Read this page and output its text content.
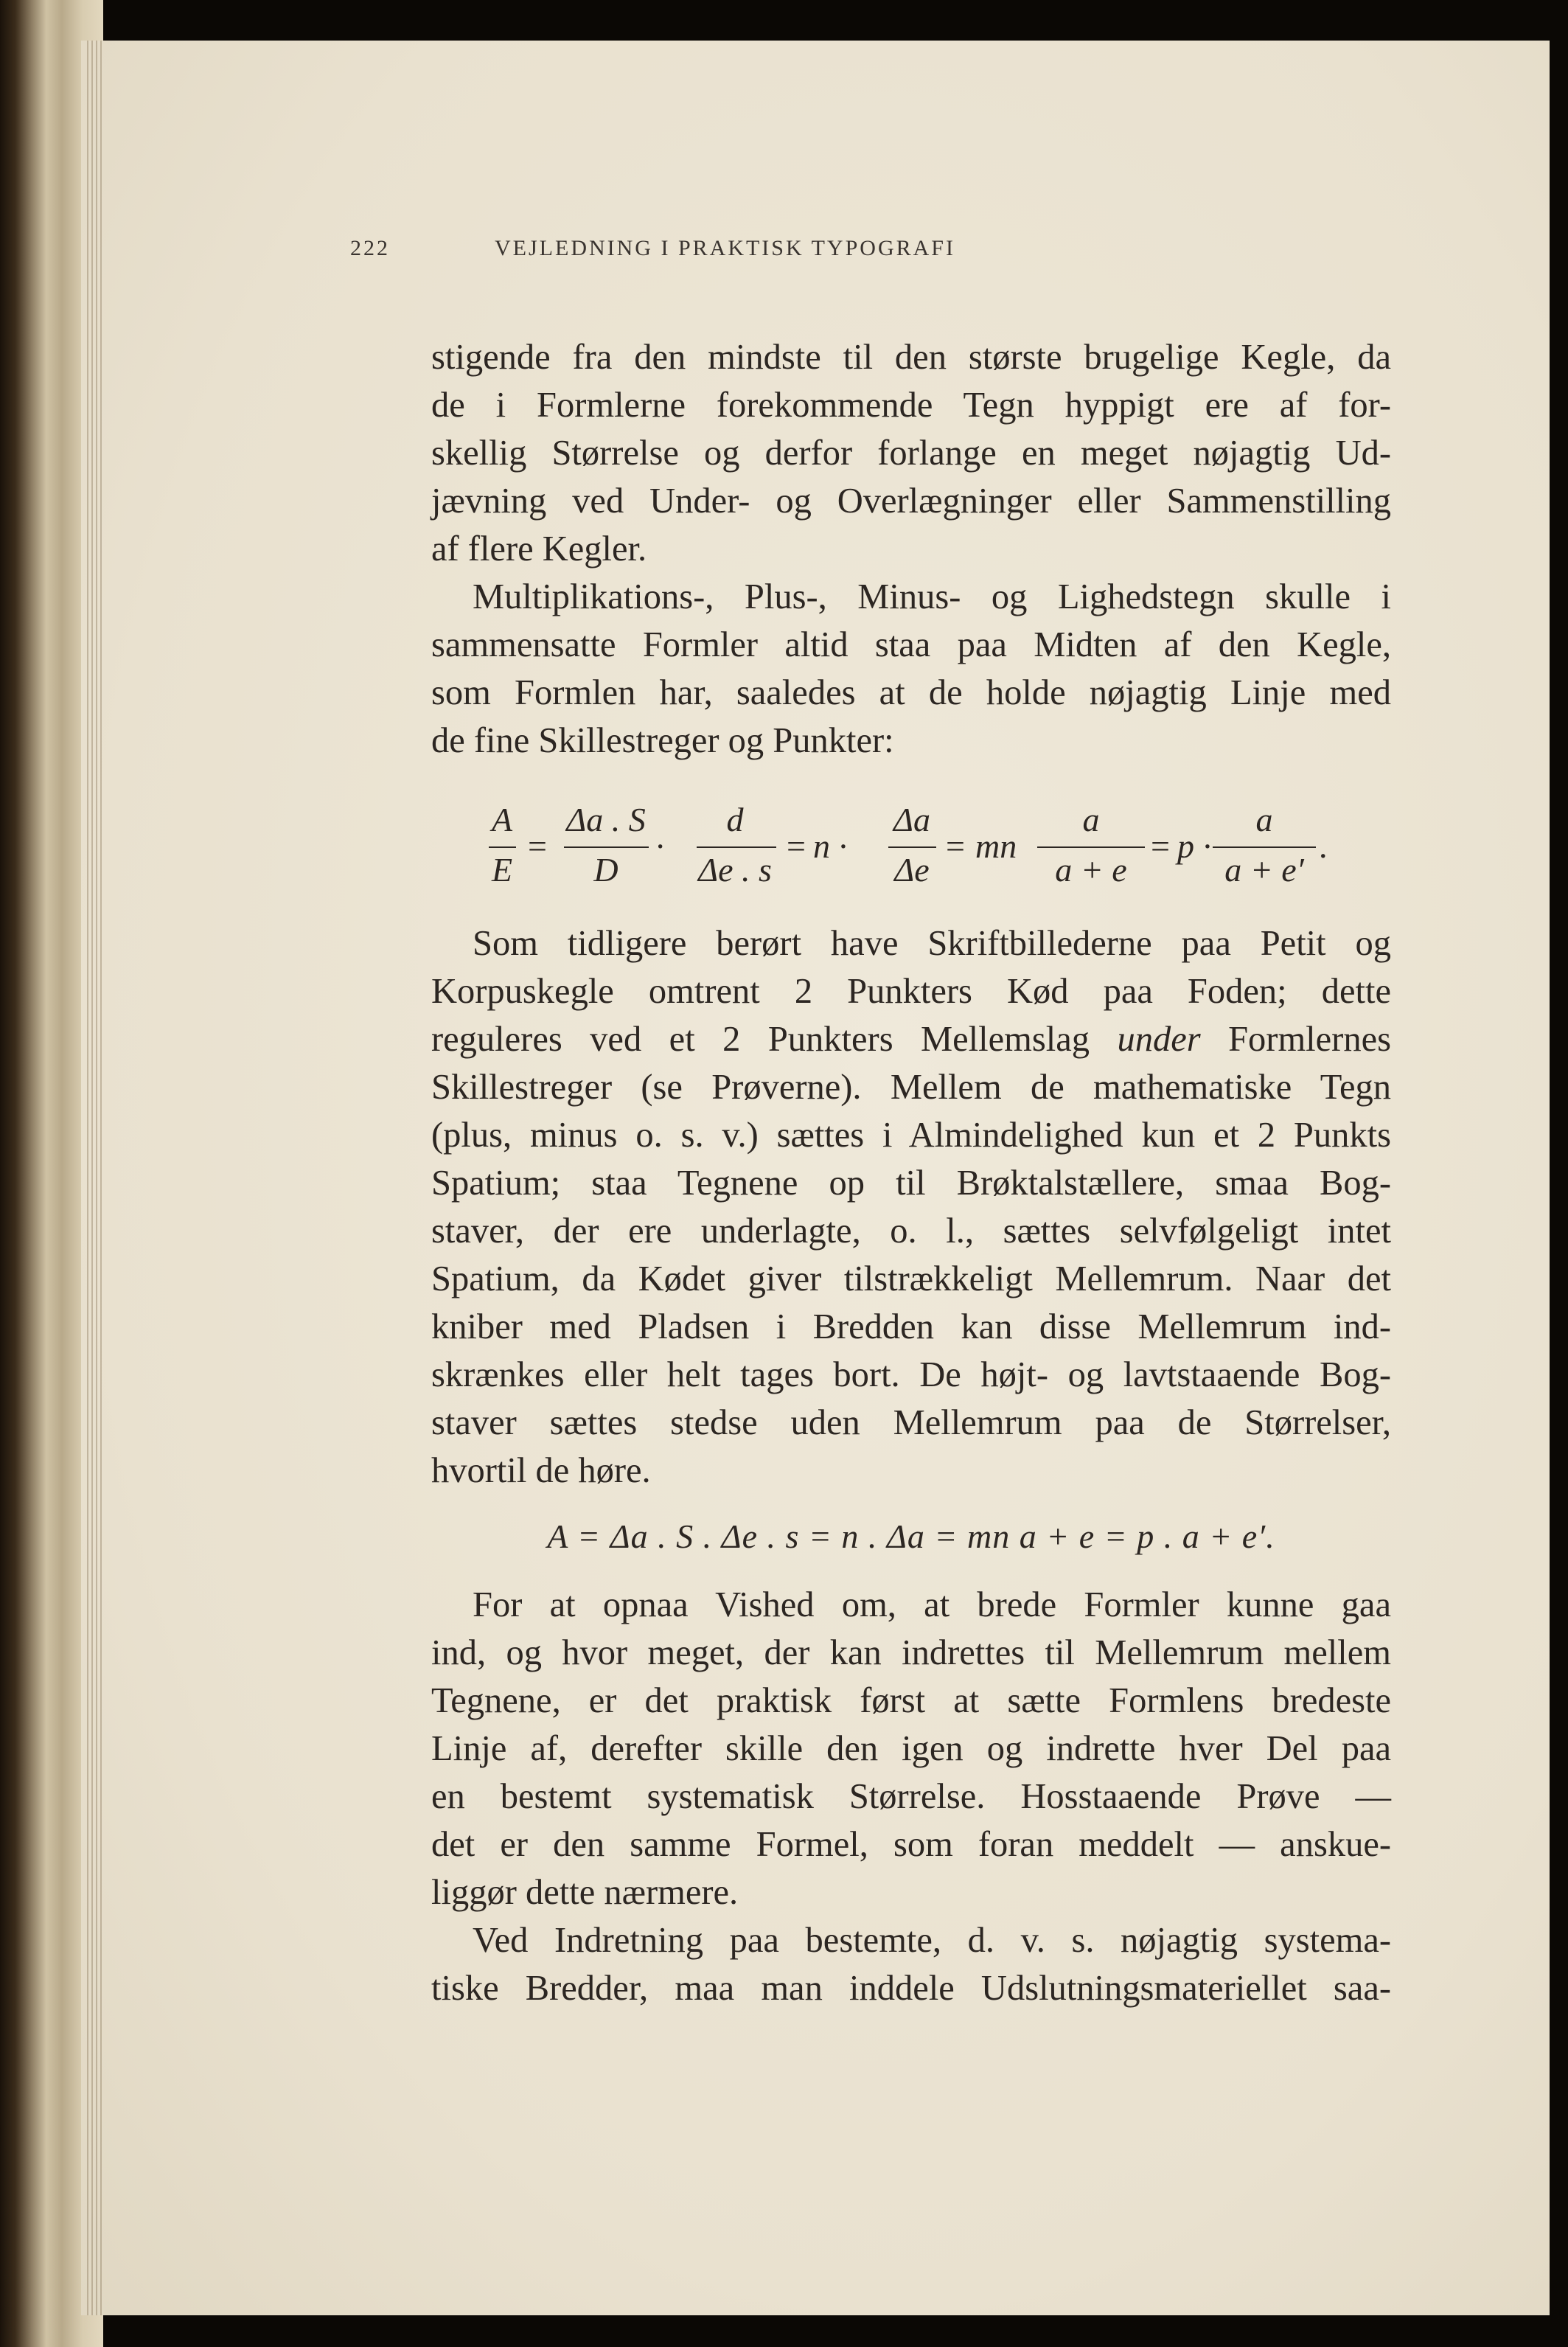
222	VEJLEDNING I PRAKTISK TYPOGRAFI

stigende fra den mindste til den største brugelige Kegle, da

de i Formlerne forekommende Tegn hyppigt ere af for-

skellig Størrelse og derfor forlange en meget nøjagtig Ud-

jævning ved Under- og Overlægninger eller Sammenstilling

af flere Kegler.

Multiplikations-, Plus-, Minus- og Lighedstegn skulle i

sammensatte Formler altid staa paa Midten af den Kegle,

som Formlen har, saaledes at de holde nøjagtig Linje med

de fine Skillestreger og Punkter:

A
E
=
Δa . S
D
·
d
Δe . s
= n ·
Δa
Δe
= mn
a
a + e
= p ·
a
a + e′
.

Som tidligere berørt have Skriftbillederne paa Petit og

Korpuskegle omtrent 2 Punkters Kød paa Foden; dette

reguleres ved et 2 Punkters Mellemslag under Formlernes

Skillestreger (se Prøverne). Mellem de mathematiske Tegn

(plus, minus o. s. v.) sættes i Almindelighed kun et 2 Punkts

Spatium; staa Tegnene op til Brøktalstællere, smaa Bog-

staver, der ere underlagte, o. l., sættes selvfølgeligt intet

Spatium, da Kødet giver tilstrækkeligt Mellemrum. Naar det

kniber med Pladsen i Bredden kan disse Mellemrum ind-

skrænkes eller helt tages bort. De højt- og lavtstaaende Bog-

staver sættes stedse uden Mellemrum paa de Størrelser,

hvortil de høre.

A = Δa . S . Δe . s = n . Δa = mn a + e = p . a + e′.

For at opnaa Vished om, at brede Formler kunne gaa

ind, og hvor meget, der kan indrettes til Mellemrum mellem

Tegnene, er det praktisk først at sætte Formlens bredeste

Linje af, derefter skille den igen og indrette hver Del paa

en bestemt systematisk Størrelse. Hosstaaende Prøve —

det er den samme Formel, som foran meddelt — anskue-

liggør dette nærmere.

Ved Indretning paa bestemte, d. v. s. nøjagtig systema-

tiske Bredder, maa man inddele Udslutningsmateriellet saa-
